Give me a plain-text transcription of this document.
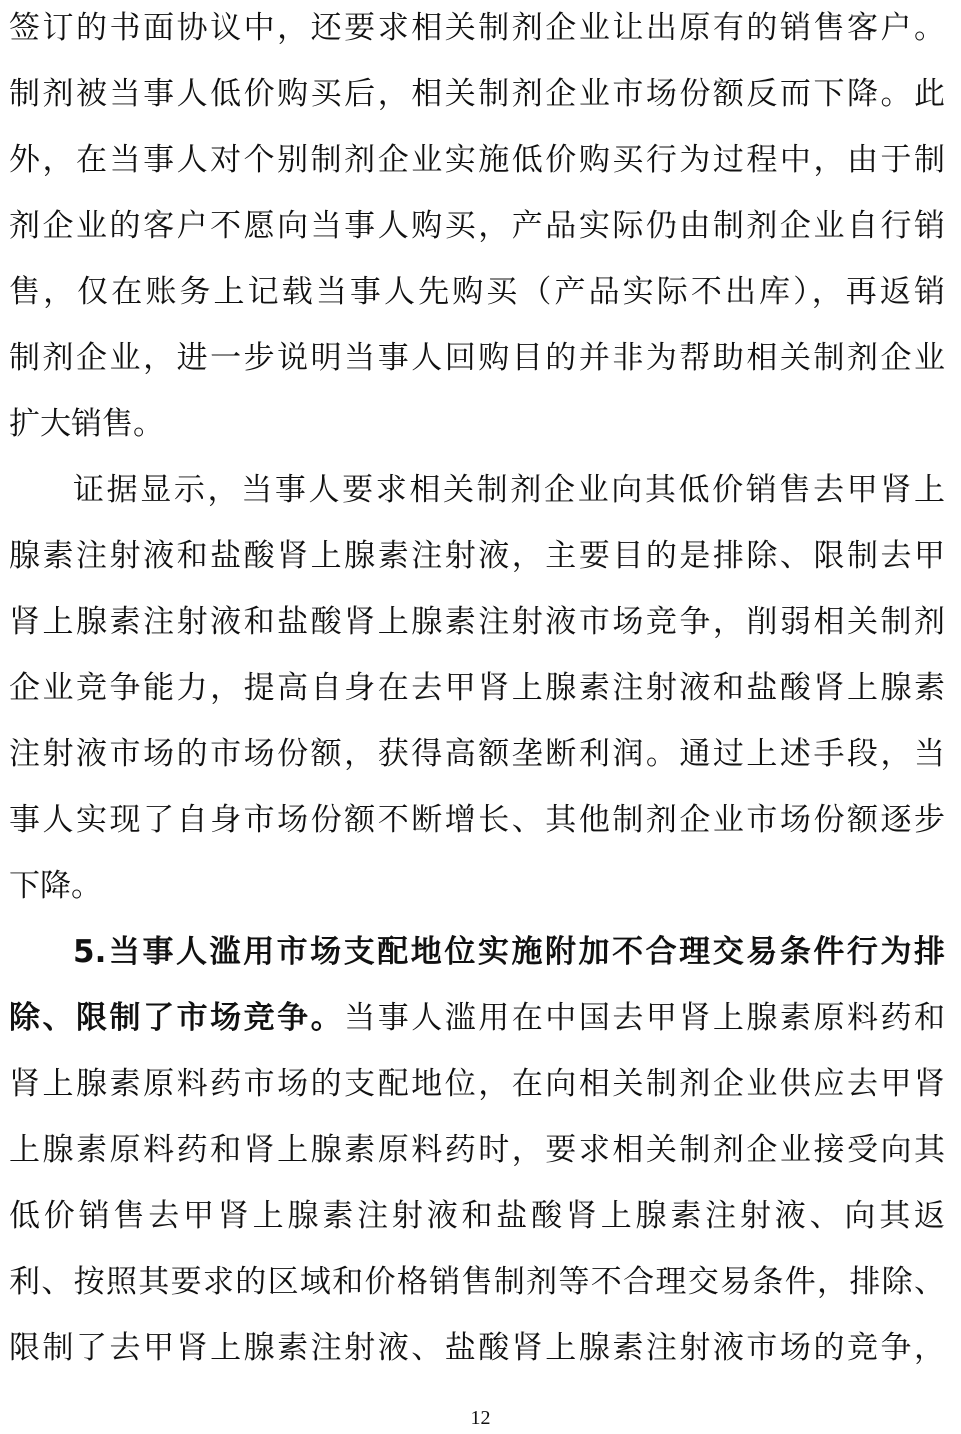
签订的书面协议中，还要求相关制剂企业让出原有的销售客户。
制剂被当事人低价购买后，相关制剂企业市场份额反而下降。此
外，在当事人对个别制剂企业实施低价购买行为过程中，由于制
剂企业的客户不愿向当事人购买，产品实际仍由制剂企业自行销
售，仅在账务上记载当事人先购买（产品实际不出库），再返销
制剂企业，进一步说明当事人回购目的并非为帮助相关制剂企业
扩大销售。
证据显示，当事人要求相关制剂企业向其低价销售去甲肾上
腺素注射液和盐酸肾上腺素注射液，主要目的是排除、限制去甲
肾上腺素注射液和盐酸肾上腺素注射液市场竞争，削弱相关制剂
企业竞争能力，提高自身在去甲肾上腺素注射液和盐酸肾上腺素
注射液市场的市场份额，获得高额垄断利润。通过上述手段，当
事人实现了自身市场份额不断增长、其他制剂企业市场份额逐步
下降。
5.当事人滥用市场支配地位实施附加不合理交易条件行为排
除、限制了市场竞争。当事人滥用在中国去甲肾上腺素原料药和
肾上腺素原料药市场的支配地位，在向相关制剂企业供应去甲肾
上腺素原料药和肾上腺素原料药时，要求相关制剂企业接受向其
低价销售去甲肾上腺素注射液和盐酸肾上腺素注射液、向其返
利、按照其要求的区域和价格销售制剂等不合理交易条件，排除、
限制了去甲肾上腺素注射液、盐酸肾上腺素注射液市场的竞争，
12
